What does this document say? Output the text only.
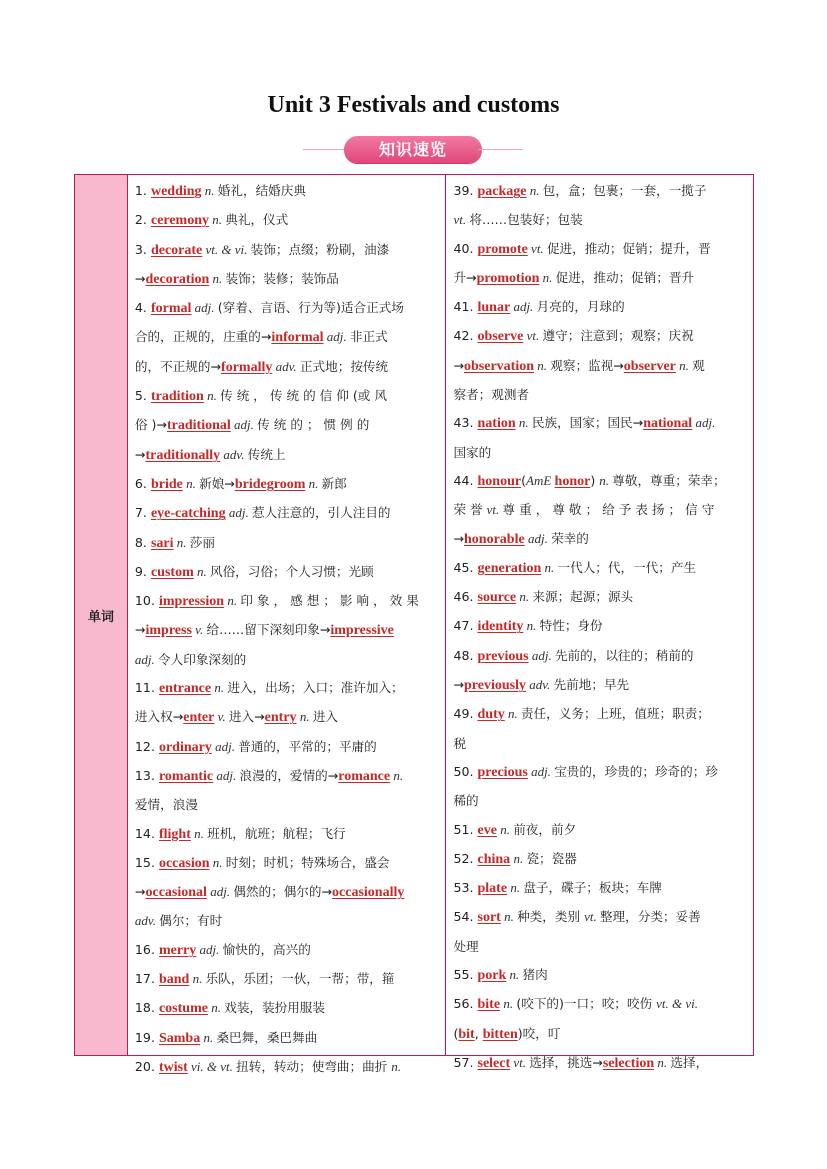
Unit 3 Festivals and customs
知识速览
单词
1. wedding n. 婚礼，结婚庆典
2. ceremony n. 典礼，仪式
3. decorate vt. & vi. 装饰；点缀；粉刷，油漆
→decoration n. 装饰；装修；装饰品
4. formal adj. (穿着、言语、行为等)适合正式场
合的，正规的，庄重的→informal adj. 非正式
的，不正规的→formally adv. 正式地；按传统
5. tradition n. 传 统 ， 传 统 的 信 仰 (或 风
俗 )→traditional adj. 传 统 的 ； 惯 例 的
→traditionally adv. 传统上
6. bride n. 新娘→bridegroom n. 新郎
7. eye-catching adj. 惹人注意的，引人注目的
8. sari n. 莎丽
9. custom n. 风俗，习俗；个人习惯；光顾
10. impression n. 印 象 ， 感 想 ； 影 响 ， 效 果
→impress v. 给……留下深刻印象→impressive
adj. 令人印象深刻的
11. entrance n. 进入，出场；入口；准许加入；
进入权→enter v. 进入→entry n. 进入
12. ordinary adj. 普通的，平常的；平庸的
13. romantic adj. 浪漫的，爱情的→romance n.
爱情，浪漫
14. flight n. 班机，航班；航程；飞行
15. occasion n. 时刻；时机；特殊场合，盛会
→occasional adj. 偶然的；偶尔的→occasionally
adv. 偶尔；有时
16. merry adj. 愉快的，高兴的
17. band n. 乐队，乐团；一伙，一帮；带，箍
18. costume n. 戏装，装扮用服装
19. Samba n. 桑巴舞，桑巴舞曲
20. twist vi. & vt. 扭转，转动；使弯曲；曲折 n.
39. package n. 包，盒；包裹；一套，一揽子
vt. 将……包装好；包装
40. promote vt. 促进，推动；促销；提升，晋
升→promotion n. 促进，推动；促销；晋升
41. lunar adj. 月亮的，月球的
42. observe vt. 遵守；注意到；观察；庆祝
→observation n. 观察；监视→observer n. 观
察者；观测者
43. nation n. 民族，国家；国民→national adj.
国家的
44. honour(AmE honor) n. 尊敬，尊重；荣幸；
荣 誉 vt. 尊 重 ， 尊 敬 ； 给 予 表 扬 ； 信 守
→honorable adj. 荣幸的
45. generation n. 一代人；代，一代；产生
46. source n. 来源；起源；源头
47. identity n. 特性；身份
48. previous adj. 先前的，以往的；稍前的
→previously adv. 先前地；早先
49. duty n. 责任，义务；上班，值班；职责；
税
50. precious adj. 宝贵的，珍贵的；珍奇的；珍
稀的
51. eve n. 前夜，前夕
52. china n. 瓷；瓷器
53. plate n. 盘子，碟子；板块；车牌
54. sort n. 种类，类别 vt. 整理，分类；妥善
处理
55. pork n. 猪肉
56. bite n. (咬下的)一口；咬；咬伤 vt. & vi.
(bit, bitten)咬，叮
57. select vt. 选择，挑选→selection n. 选择，
